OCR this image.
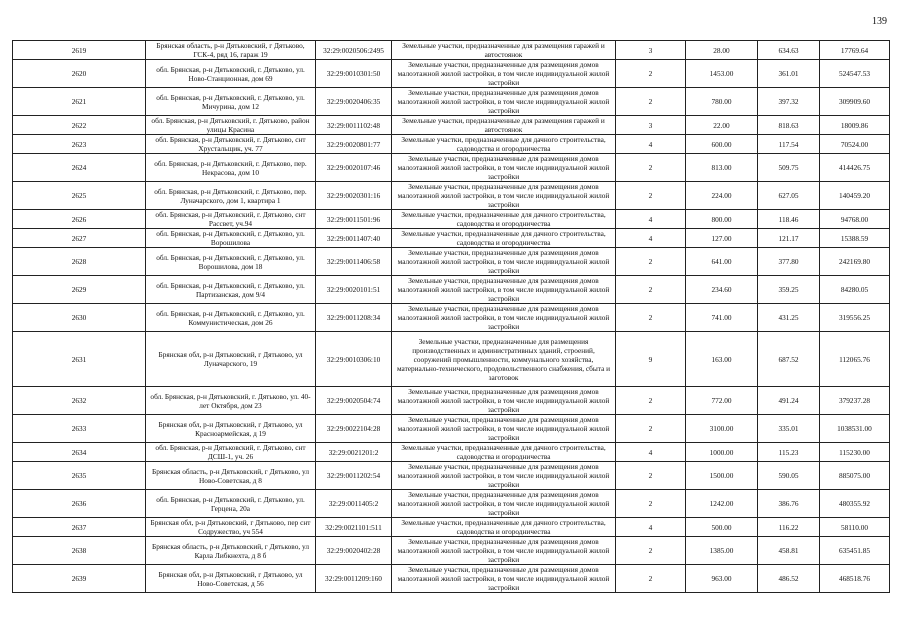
139
2619	Брянская область, р-н Дятьковский, г Дятьково, ГСК-4, ряд 16, гараж 19	32:29:0020506:2495	Земельные участки, предназначенные для размещения гаражей и автостоянок	3	28.00	634.63	17769.64
2620	обл. Брянская, р-н Дятьковский, г. Дятьково, ул. Ново-Станционная, дом 69	32:29:0010301:50	Земельные участки, предназначенные для размещения домов малоэтажной жилой застройки, в том числе индивидуальной жилой застройки	2	1453.00	361.01	524547.53
2621	обл. Брянская, р-н Дятьковский, г. Дятьково, ул. Мичурина, дом 12	32:29:0020406:35	Земельные участки, предназначенные для размещения домов малоэтажной жилой застройки, в том числе индивидуальной жилой застройки	2	780.00	397.32	309909.60
2622	обл. Брянская, р-н Дятьковский, г. Дятьково, район улицы Красина	32:29:0011102:48	Земельные участки, предназначенные для размещения гаражей и автостоянок	3	22.00	818.63	18009.86
2623	обл. Брянская, р-н Дятьковский, г. Дятьково, снт Хрустальщик, уч. 77	32:29:0020801:77	Земельные участки, предназначенные для дачного строительства, садоводства и огородничества	4	600.00	117.54	70524.00
2624	обл. Брянская, р-н Дятьковский, г. Дятьково, пер. Некрасова, дом 10	32:29:0020107:46	Земельные участки, предназначенные для размещения домов малоэтажной жилой застройки, в том числе индивидуальной жилой застройки	2	813.00	509.75	414426.75
2625	обл. Брянская, р-н Дятьковский, г. Дятьково, пер. Луначарского, дом 1, квартира 1	32:29:0020301:16	Земельные участки, предназначенные для размещения домов малоэтажной жилой застройки, в том числе индивидуальной жилой застройки	2	224.00	627.05	140459.20
2626	обл. Брянская, р-н Дятьковский, г. Дятьково, снт Рассвет, уч.94	32:29:0011501:96	Земельные участки, предназначенные для дачного строительства, садоводства и огородничества	4	800.00	118.46	94768.00
2627	обл. Брянская, р-н Дятьковский, г. Дятьково, ул. Ворошилова	32:29:0011407:40	Земельные участки, предназначенные для дачного строительства, садоводства и огородничества	4	127.00	121.17	15388.59
2628	обл. Брянская, р-н Дятьковский, г. Дятьково, ул. Ворошилова, дом 18	32:29:0011406:58	Земельные участки, предназначенные для размещения домов малоэтажной жилой застройки, в том числе индивидуальной жилой застройки	2	641.00	377.80	242169.80
2629	обл. Брянская, р-н Дятьковский, г. Дятьково, ул. Партизанская, дом 9/4	32:29:0020101:51	Земельные участки, предназначенные для размещения домов малоэтажной жилой застройки, в том числе индивидуальной жилой застройки	2	234.60	359.25	84280.05
2630	обл. Брянская, р-н Дятьковский, г. Дятьково, ул. Коммунистическая, дом 26	32:29:0011208:34	Земельные участки, предназначенные для размещения домов малоэтажной жилой застройки, в том числе индивидуальной жилой застройки	2	741.00	431.25	319556.25
2631	Брянская обл, р-н Дятьковский, г Дятьково, ул Луначарского, 19	32:29:0010306:10	Земельные участки, предназначенные для размещения производственных и административных зданий, строений, сооружений промышленности, коммунального хозяйства, материально-технического, продовольственного снабжения, сбыта и заготовок	9	163.00	687.52	112065.76
2632	обл. Брянская, р-н Дятьковский, г. Дятьково, ул. 40-лет Октября, дом 23	32:29:0020504:74	Земельные участки, предназначенные для размещения домов малоэтажной жилой застройки, в том числе индивидуальной жилой застройки	2	772.00	491.24	379237.28
2633	Брянская обл, р-н Дятьковский, г Дятьково, ул Красноармейская, д 19	32:29:0022104:28	Земельные участки, предназначенные для размещения домов малоэтажной жилой застройки, в том числе индивидуальной жилой застройки	2	3100.00	335.01	1038531.00
2634	обл. Брянская, р-н Дятьковский, г. Дятьково, снт ДСШ-1, уч. 26	32:29:0021201:2	Земельные участки, предназначенные для дачного строительства, садоводства и огородничества	4	1000.00	115.23	115230.00
2635	Брянская область, р-н Дятьковский, г Дятьково, ул Ново-Советская, д 8	32:29:0011202:54	Земельные участки, предназначенные для размещения домов малоэтажной жилой застройки, в том числе индивидуальной жилой застройки	2	1500.00	590.05	885075.00
2636	обл. Брянская, р-н Дятьковский, г. Дятьково, ул. Герцена, 20а	32:29:0011405:2	Земельные участки, предназначенные для размещения домов малоэтажной жилой застройки, в том числе индивидуальной жилой застройки	2	1242.00	386.76	480355.92
2637	Брянская обл, р-н Дятьковский, г Дятьково, пер снт Содружество, уч 554	32:29:0021101:511	Земельные участки, предназначенные для дачного строительства, садоводства и огородничества	4	500.00	116.22	58110.00
2638	Брянская область, р-н Дятьковский, г Дятьково, ул Карла Либкнехта, д 8 б	32:29:0020402:28	Земельные участки, предназначенные для размещения домов малоэтажной жилой застройки, в том числе индивидуальной жилой застройки	2	1385.00	458.81	635451.85
2639	Брянская обл, р-н Дятьковский, г Дятьково, ул Ново-Советская, д 56	32:29:0011209:160	Земельные участки, предназначенные для размещения домов малоэтажной жилой застройки, в том числе индивидуальной жилой застройки	2	963.00	486.52	468518.76
